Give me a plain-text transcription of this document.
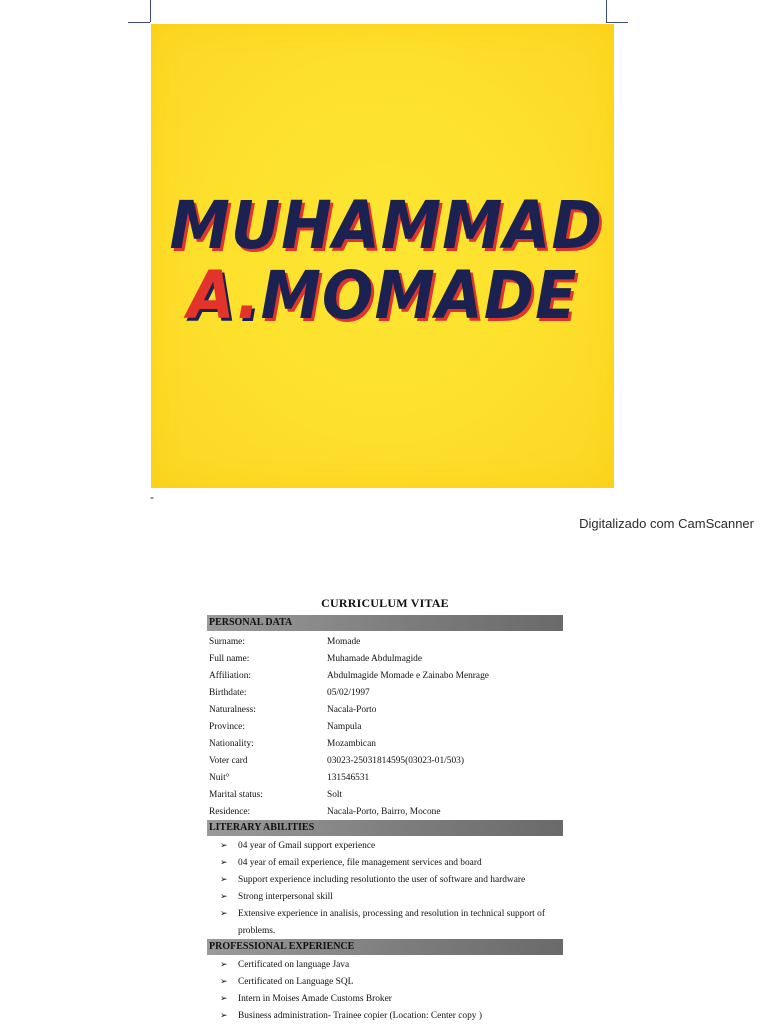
MUHAMMAD
A.MOMADE
-
Digitalizado com CamScanner
CURRICULUM VITAE
PERSONAL DATA
Surname:	Momade
Full name:	Muhamade Abdulmagide
Affiliation:	Abdulmagide Momade e Zainabo Menrage
Birthdate:	05/02/1997
Naturalness:	Nacala-Porto
Province:	Nampula
Nationality:	Mozambican
Voter card	03023-25031814595(03023-01/503)
Nuit°	131546531
Marital status:	Solt
Residence:	Nacala-Porto, Bairro, Mocone
LITERARY ABILITIES
➢	04 year of Gmail support experience
➢	04 year of email experience, file management services and board
➢	Support experience including resolutionto the user of software and hardware
➢	Strong interpersonal skill
➢	Extensive experience in analisis, processing and resolution in technical support of problems.
PROFESSIONAL EXPERIENCE
➢	Certificated on language Java
➢	Certificated on Language SQL
➢	Intern in Moises Amade Customs Broker
➢	Business administration- Trainee copier (Location: Center copy )
